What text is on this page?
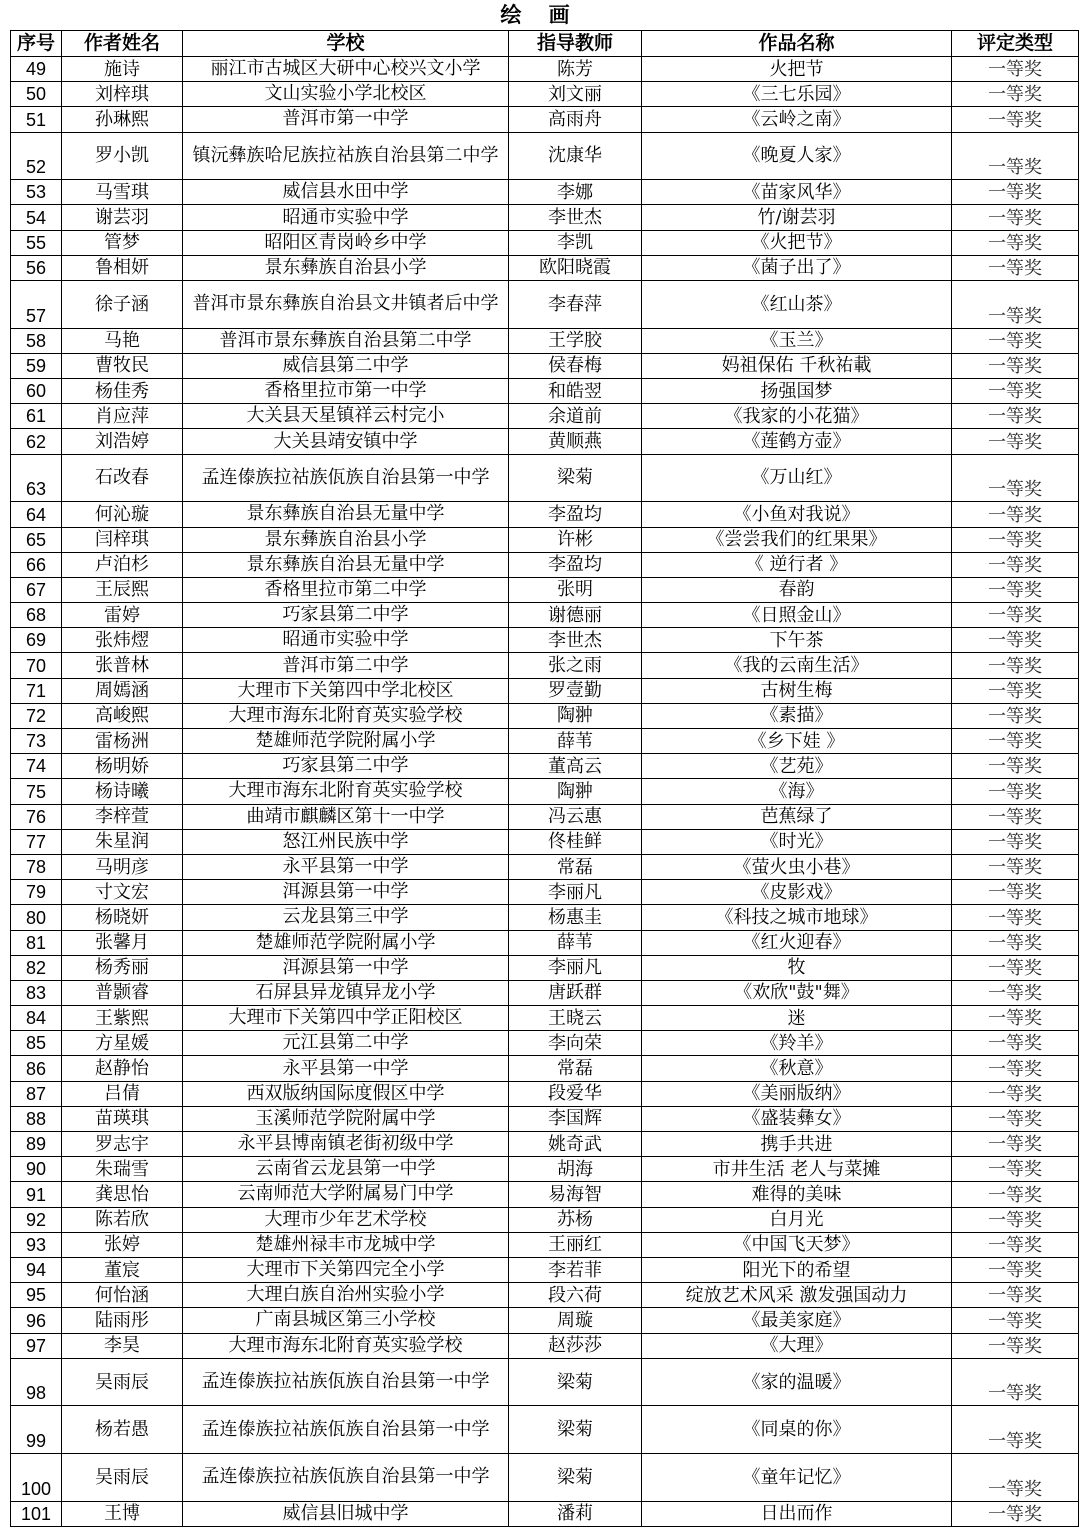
绘 画
序号	作者姓名	学校	指导教师	作品名称	评定类型
49	施诗	丽江市古城区大研中心校兴文小学	陈芳	火把节	一等奖
50	刘梓琪	文山实验小学北校区	刘文丽	《三七乐园》	一等奖
51	孙琳熙	普洱市第一中学	高雨舟	《云岭之南》	一等奖
52	罗小凯	镇沅彝族哈尼族拉祜族自治县第二中学	沈康华	《晚夏人家》	一等奖
53	马雪琪	威信县水田中学	李娜	《苗家风华》	一等奖
54	谢芸羽	昭通市实验中学	李世杰	竹/谢芸羽	一等奖
55	管梦	昭阳区青岗岭乡中学	李凯	《火把节》	一等奖
56	鲁相妍	景东彝族自治县小学	欧阳晓霞	《菌子出了》	一等奖
57	徐子涵	普洱市景东彝族自治县文井镇者后中学	李春萍	《红山茶》	一等奖
58	马艳	普洱市景东彝族自治县第二中学	王学胶	《玉兰》	一等奖
59	曹牧民	威信县第二中学	侯春梅	妈祖保佑 千秋祐載	一等奖
60	杨佳秀	香格里拉市第一中学	和皓翌	扬强国梦	一等奖
61	肖应萍	大关县天星镇祥云村完小	余道前	《我家的小花猫》	一等奖
62	刘浩婷	大关县靖安镇中学	黄顺燕	《莲鹤方壶》	一等奖
63	石改春	孟连傣族拉祜族佤族自治县第一中学	梁菊	《万山红》	一等奖
64	何沁璇	景东彝族自治县无量中学	李盈均	《小鱼对我说》	一等奖
65	闫梓琪	景东彝族自治县小学	许彬	《尝尝我们的红果果》	一等奖
66	卢泊杉	景东彝族自治县无量中学	李盈均	《 逆行者 》	一等奖
67	王辰熙	香格里拉市第二中学	张明	春韵	一等奖
68	雷婷	巧家县第二中学	谢德丽	《日照金山》	一等奖
69	张炜熤	昭通市实验中学	李世杰	下午茶	一等奖
70	张普林	普洱市第二中学	张之雨	《我的云南生活》	一等奖
71	周嫣涵	大理市下关第四中学北校区	罗壹勤	古树生梅	一等奖
72	高峻熙	大理市海东北附育英实验学校	陶翀	《素描》	一等奖
73	雷杨洲	楚雄师范学院附属小学	薛苇	《乡下娃 》	一等奖
74	杨明娇	巧家县第二中学	董高云	《艺苑》	一等奖
75	杨诗曦	大理市海东北附育英实验学校	陶翀	《海》	一等奖
76	李梓萱	曲靖市麒麟区第十一中学	冯云惠	芭蕉绿了	一等奖
77	朱星润	怒江州民族中学	佟桂鲜	《时光》	一等奖
78	马明彦	永平县第一中学	常磊	《萤火虫小巷》	一等奖
79	寸文宏	洱源县第一中学	李丽凡	《皮影戏》	一等奖
80	杨晓妍	云龙县第三中学	杨惠圭	《科技之城市地球》	一等奖
81	张馨月	楚雄师范学院附属小学	薛苇	《红火迎春》	一等奖
82	杨秀丽	洱源县第一中学	李丽凡	牧	一等奖
83	普颢睿	石屏县异龙镇异龙小学	唐跃群	《欢欣"鼓"舞》	一等奖
84	王紫熙	大理市下关第四中学正阳校区	王晓云	迷	一等奖
85	方星媛	元江县第二中学	李向荣	《羚羊》	一等奖
86	赵静怡	永平县第一中学	常磊	《秋意》	一等奖
87	吕倩	西双版纳国际度假区中学	段爱华	《美丽版纳》	一等奖
88	苗瑛琪	玉溪师范学院附属中学	李国辉	《盛装彝女》	一等奖
89	罗志宇	永平县博南镇老街初级中学	姚奇武	携手共进	一等奖
90	朱瑞雪	云南省云龙县第一中学	胡海	市井生活 老人与菜摊	一等奖
91	龚思怡	云南师范大学附属易门中学	易海智	难得的美味	一等奖
92	陈若欣	大理市少年艺术学校	苏杨	白月光	一等奖
93	张婷	楚雄州禄丰市龙城中学	王丽红	《中国飞天梦》	一等奖
94	董宸	大理市下关第四完全小学	李若菲	阳光下的希望	一等奖
95	何怡涵	大理白族自治州实验小学	段六荷	绽放艺术风采 激发强国动力	一等奖
96	陆雨彤	广南县城区第三小学校	周璇	《最美家庭》	一等奖
97	李昊	大理市海东北附育英实验学校	赵莎莎	《大理》	一等奖
98	吴雨辰	孟连傣族拉祜族佤族自治县第一中学	梁菊	《家的温暖》	一等奖
99	杨若愚	孟连傣族拉祜族佤族自治县第一中学	梁菊	《同桌的你》	一等奖
100	吴雨辰	孟连傣族拉祜族佤族自治县第一中学	梁菊	《童年记忆》	一等奖
101	王博	威信县旧城中学	潘莉	日出而作	一等奖
